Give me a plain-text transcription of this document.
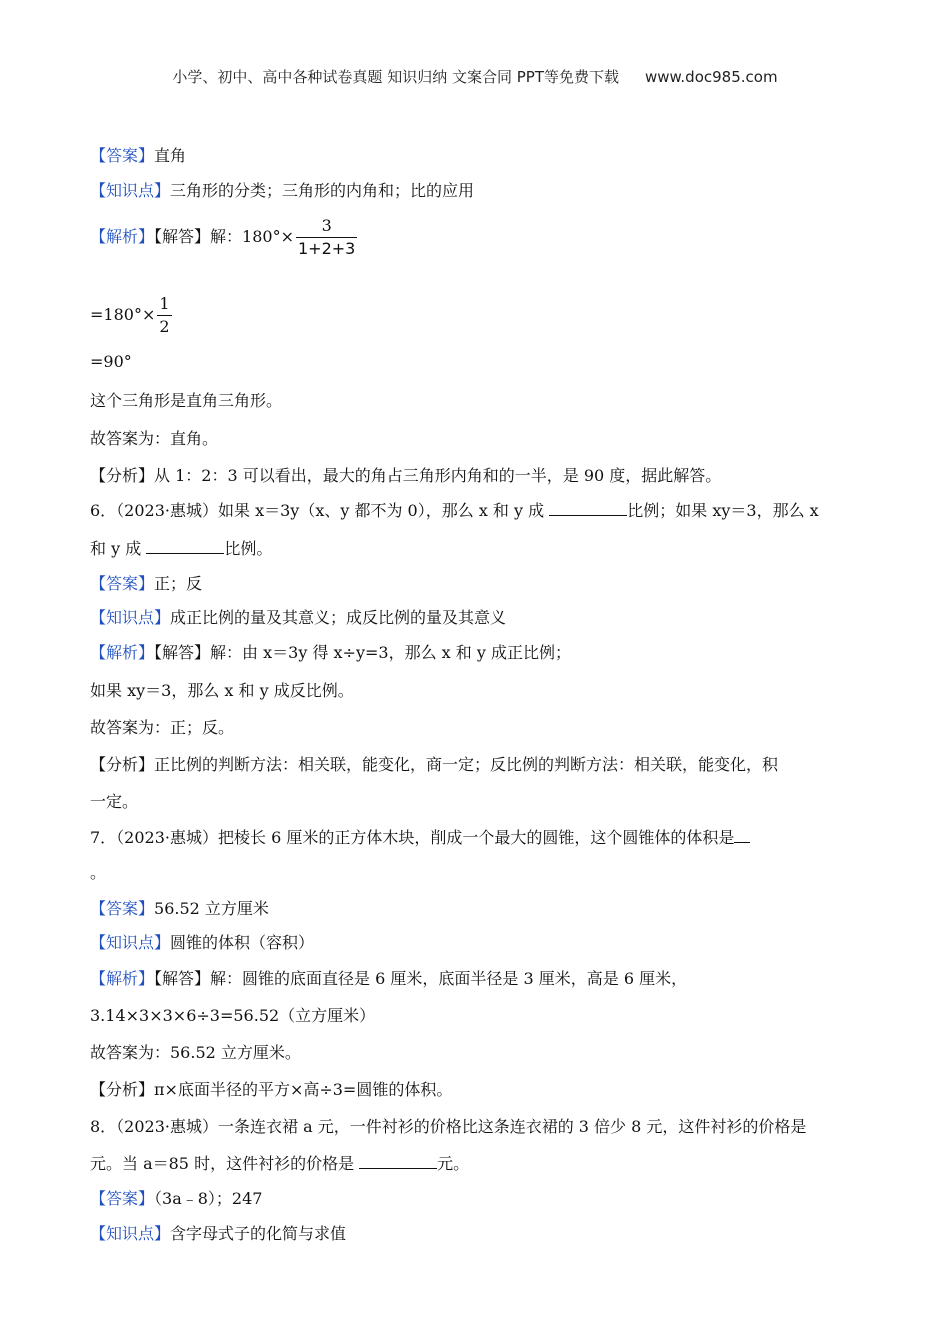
小学、初中、高中各种试卷真题 知识归纳 文案合同 PPT等免费下载 www.doc985.com
【答案】直角
【知识点】三角形的分类；三角形的内角和；比的应用
【解析】【解答】解：$180^\circ\times \frac{3}{1+2+3}$
$=180^\circ\times \frac{1}{2}$
=90°
这个三角形是直角三角形。
故答案为：直角。
【分析】从 1：2：3 可以看出，最大的角占三角形内角和的一半，是 90 度，据此解答。
6．（2023·惠城）如果 x＝3y（x、y 都不为 0），那么 x 和 y 成	比例；如果 xy＝3，那么 x
和 y 成	比例。
【答案】正；反
【知识点】成正比例的量及其意义；成反比例的量及其意义
【解析】【解答】解：由 x＝3y 得 x÷y=3，那么 x 和 y 成正比例；
如果 xy＝3，那么 x 和 y 成反比例。
故答案为：正；反。
【分析】正比例的判断方法：相关联，能变化，商一定；反比例的判断方法：相关联，能变化，积
一定。
7．（2023·惠城）把棱长 6 厘米的正方体木块，削成一个最大的圆锥，这个圆锥体的体积是
。
【答案】56.52 立方厘米
【知识点】圆锥的体积（容积）
【解析】【解答】解：圆锥的底面直径是 6 厘米，底面半径是 3 厘米，高是 6 厘米，
3.14×3×3×6÷3=56.52（立方厘米）
故答案为：56.52 立方厘米。
【分析】π×底面半径的平方×高÷3=圆锥的体积。
8．（2023·惠城）一条连衣裙 a 元，一件衬衫的价格比这条连衣裙的 3 倍少 8 元，这件衬衫的价格是
元。当 a＝85 时，这件衬衫的价格是	元。
【答案】（3a﹣8）；247
【知识点】含字母式子的化简与求值
